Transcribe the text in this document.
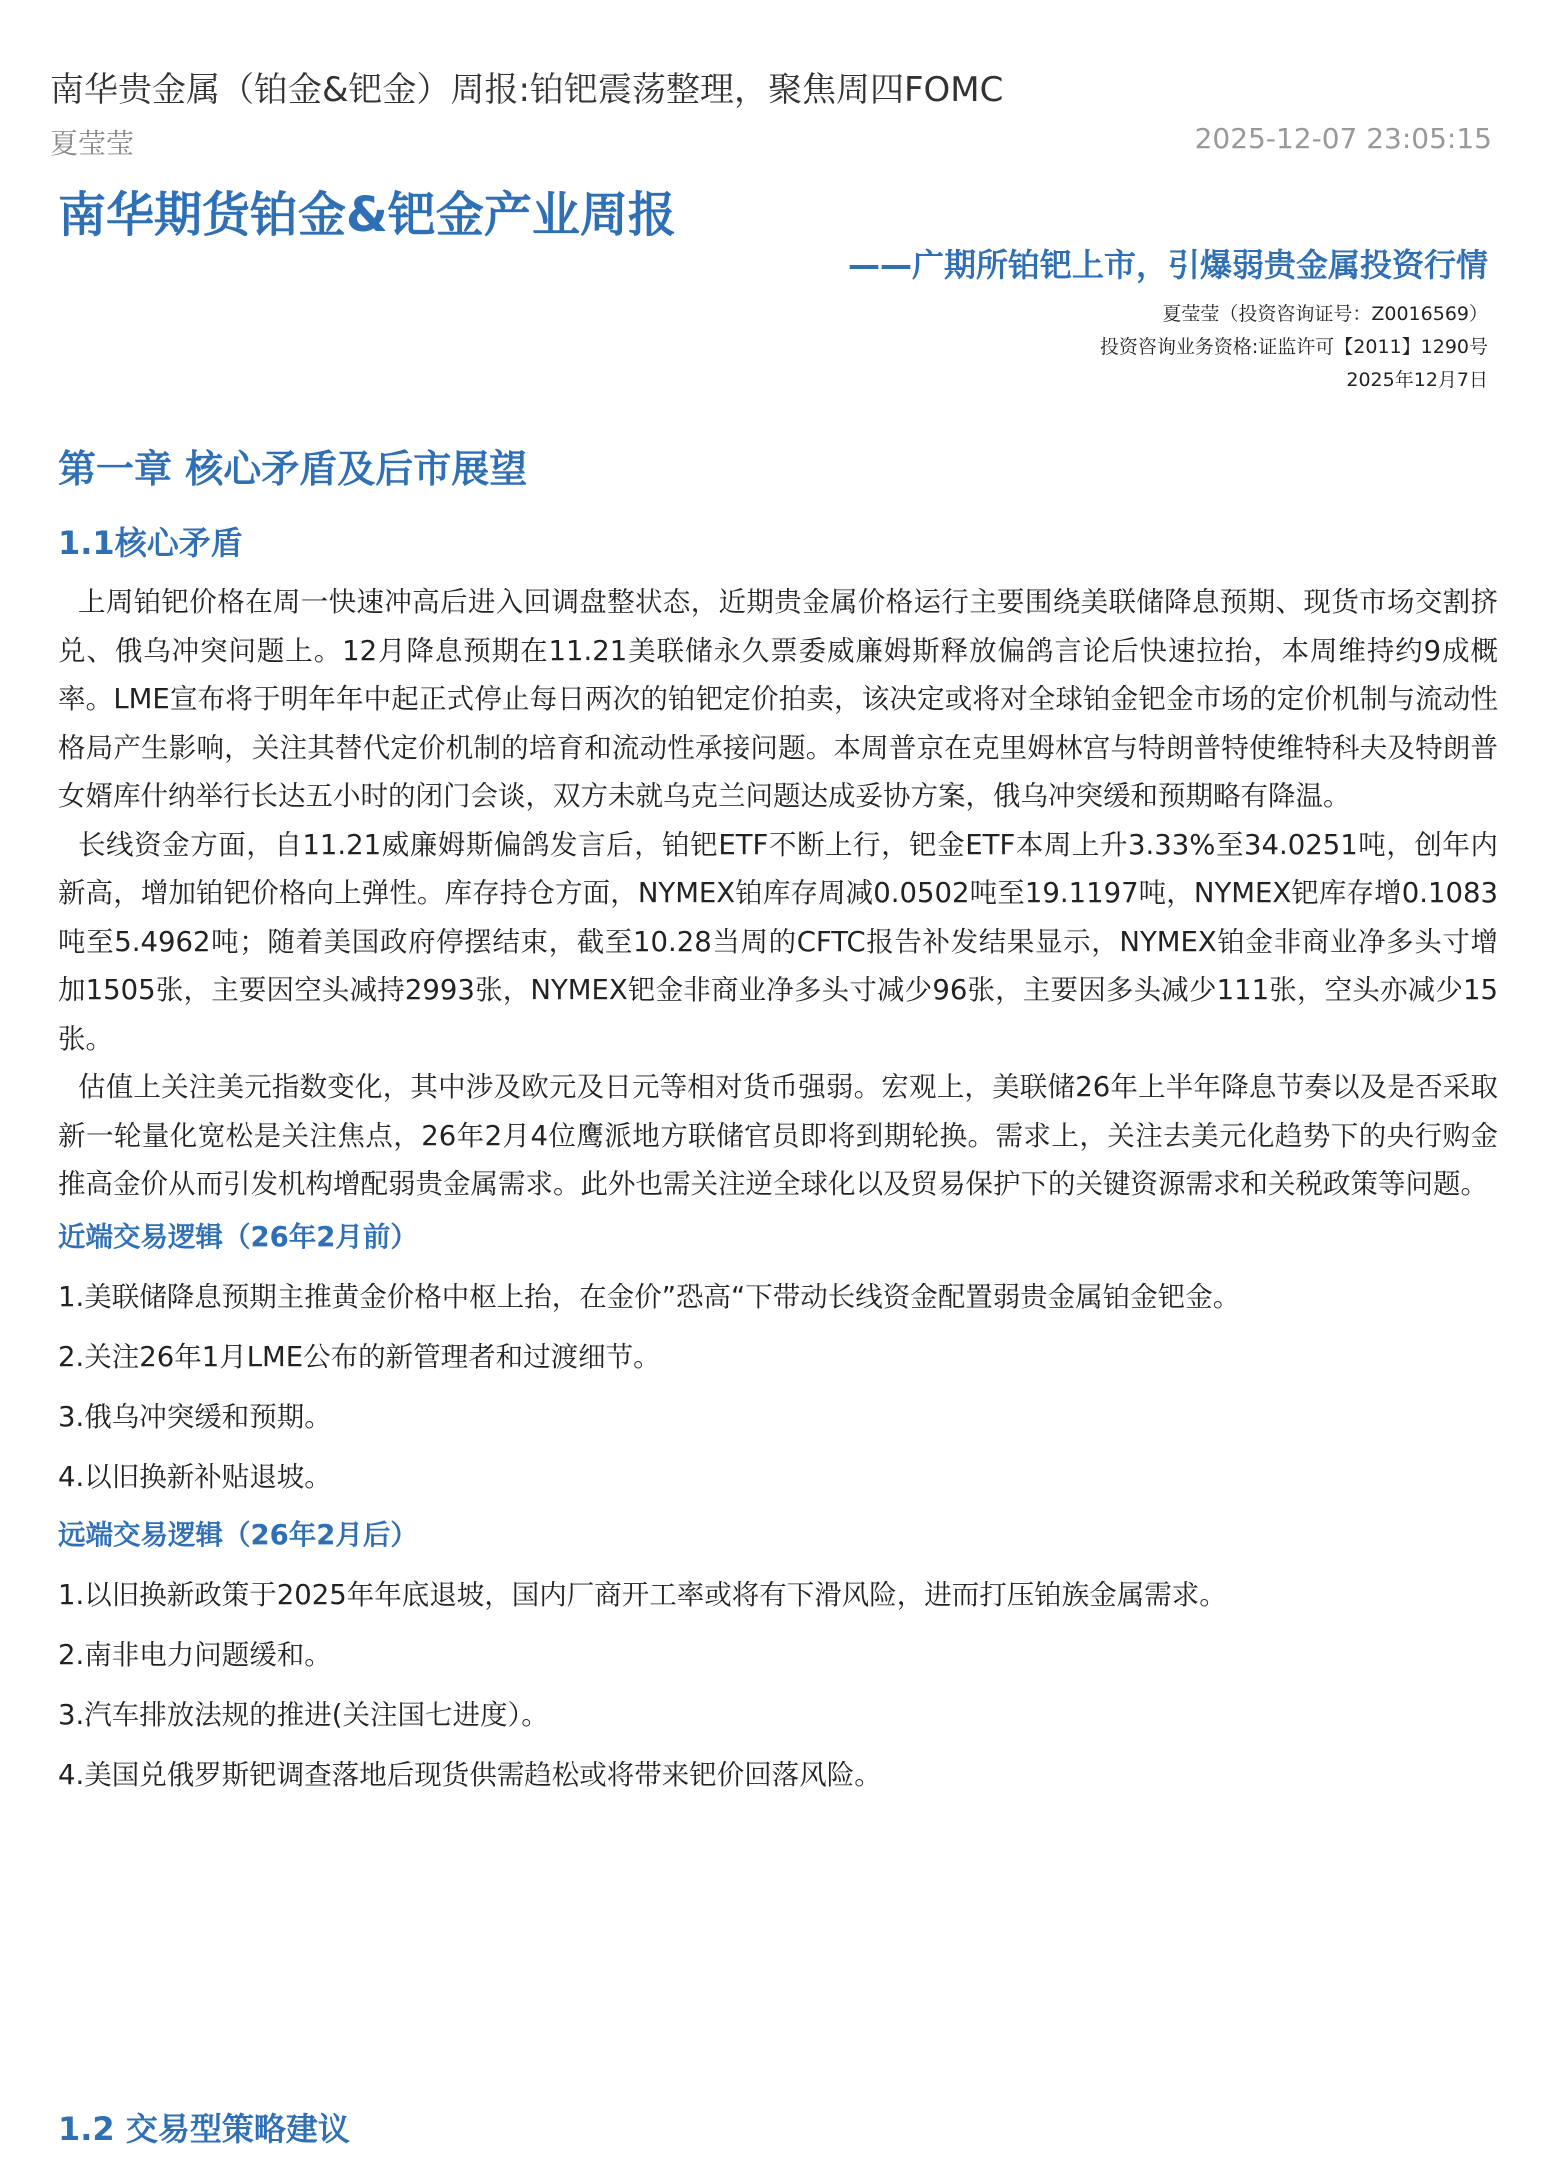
南华贵金属（铂金&钯金）周报:铂钯震荡整理，聚焦周四FOMC
夏莹莹	2025-12-07 23:05:15
南华期货铂金&钯金产业周报
——广期所铂钯上市，引爆弱贵金属投资行情
夏莹莹（投资咨询证号：Z0016569）
投资咨询业务资格:证监许可【2011】1290号
2025年12月7日
第一章 核心矛盾及后市展望
1.1核心矛盾

上周铂钯价格在周一快速冲高后进入回调盘整状态，近期贵金属价格运行主要围绕美联储降息预期、现货市场交割挤兑、俄乌冲突问题上。12月降息预期在11.21美联储永久票委威廉姆斯释放偏鸽言论后快速拉抬，本周维持约9成概率。LME宣布将于明年年中起正式停止每日两次的铂钯定价拍卖，该决定或将对全球铂金钯金市场的定价机制与流动性格局产生影响，关注其替代定价机制的培育和流动性承接问题。本周普京在克里姆林宫与特朗普特使维特科夫及特朗普女婿库什纳举行长达五小时的闭门会谈，双方未就乌克兰问题达成妥协方案，俄乌冲突缓和预期略有降温。

长线资金方面，自11.21威廉姆斯偏鸽发言后，铂钯ETF不断上行，钯金ETF本周上升3.33%至34.0251吨，创年内新高，增加铂钯价格向上弹性。库存持仓方面，NYMEX铂库存周减0.0502吨至19.1197吨，NYMEX钯库存增0.1083吨至5.4962吨；随着美国政府停摆结束，截至10.28当周的CFTC报告补发结果显示，NYMEX铂金非商业净多头寸增加1505张，主要因空头减持2993张，NYMEX钯金非商业净多头寸减少96张，主要因多头减少111张，空头亦减少15张。

估值上关注美元指数变化，其中涉及欧元及日元等相对货币强弱。宏观上，美联储26年上半年降息节奏以及是否采取新一轮量化宽松是关注焦点，26年2月4位鹰派地方联储官员即将到期轮换。需求上，关注去美元化趋势下的央行购金推高金价从而引发机构增配弱贵金属需求。此外也需关注逆全球化以及贸易保护下的关键资源需求和关税政策等问题。

近端交易逻辑（26年2月前）

1.美联储降息预期主推黄金价格中枢上抬，在金价”恐高“下带动长线资金配置弱贵金属铂金钯金。

2.关注26年1月LME公布的新管理者和过渡细节。

3.俄乌冲突缓和预期。

4.以旧换新补贴退坡。

远端交易逻辑（26年2月后）

1.以旧换新政策于2025年年底退坡，国内厂商开工率或将有下滑风险，进而打压铂族金属需求。

2.南非电力问题缓和。

3.汽车排放法规的推进(关注国七进度）。

4.美国兑俄罗斯钯调查落地后现货供需趋松或将带来钯价回落风险。

1.2 交易型策略建议
